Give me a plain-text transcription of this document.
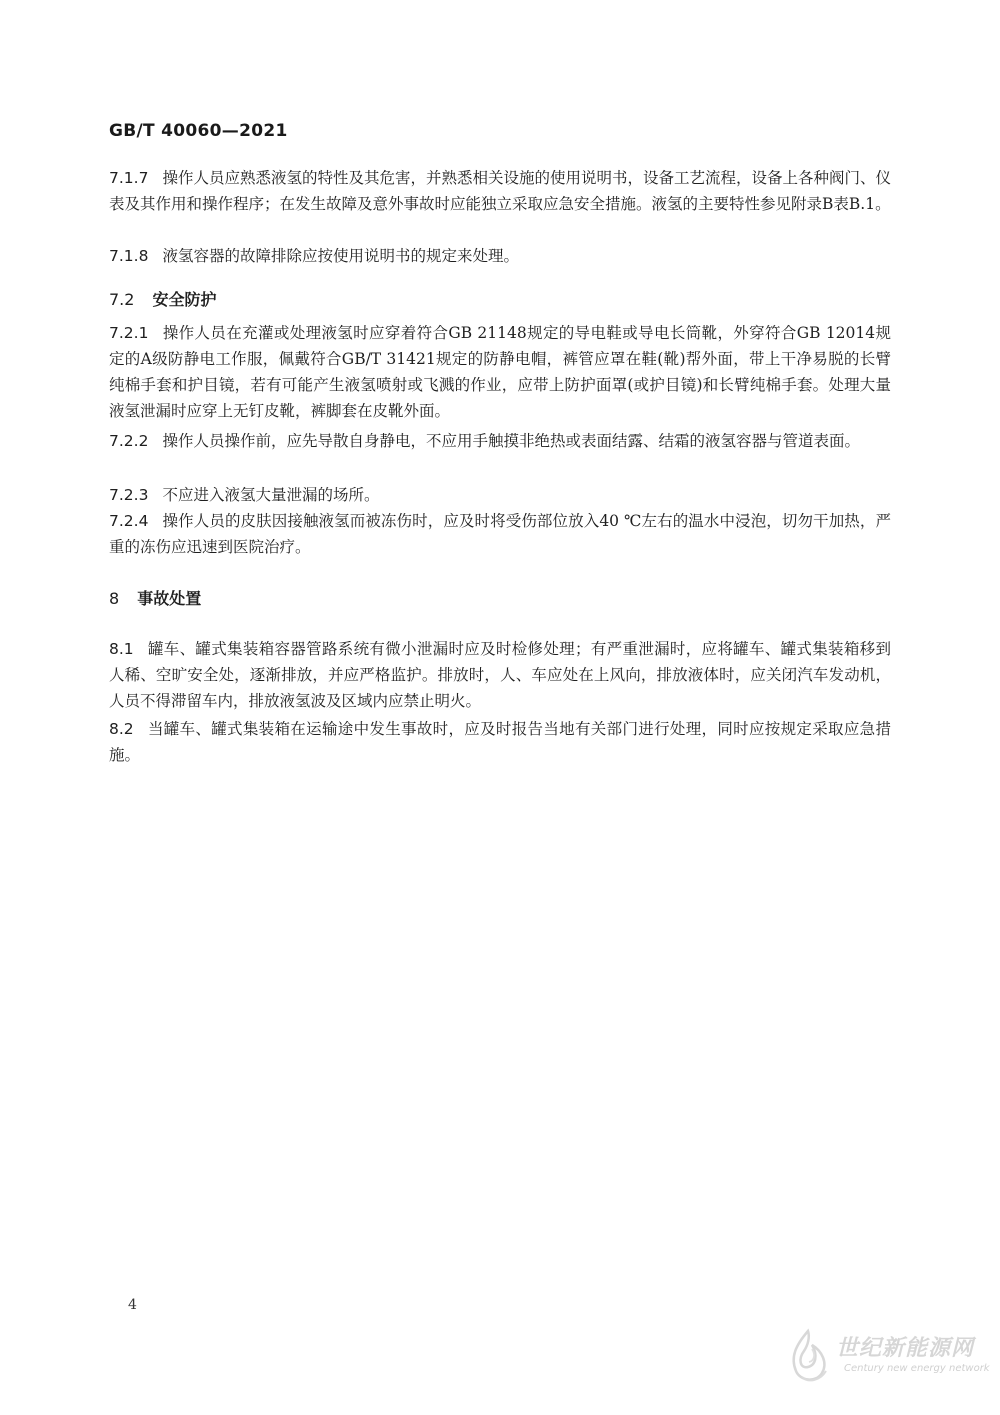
GB/T 40060—2021
7.1.7 操作人员应熟悉液氢的特性及其危害，并熟悉相关设施的使用说明书，设备工艺流程，设备上各种阀门、仪表及其作用和操作程序；在发生故障及意外事故时应能独立采取应急安全措施。液氢的主要特性参见附录B表B.1。
7.1.8 液氢容器的故障排除应按使用说明书的规定来处理。
7.2 安全防护
7.2.1 操作人员在充灌或处理液氢时应穿着符合GB 21148规定的导电鞋或导电长筒靴，外穿符合GB 12014规定的A级防静电工作服，佩戴符合GB/T 31421规定的防静电帽，裤管应罩在鞋(靴)帮外面，带上干净易脱的长臂纯棉手套和护目镜，若有可能产生液氢喷射或飞溅的作业，应带上防护面罩(或护目镜)和长臂纯棉手套。处理大量液氢泄漏时应穿上无钉皮靴，裤脚套在皮靴外面。
7.2.2 操作人员操作前，应先导散自身静电，不应用手触摸非绝热或表面结露、结霜的液氢容器与管道表面。
7.2.3 不应进入液氢大量泄漏的场所。
7.2.4 操作人员的皮肤因接触液氢而被冻伤时，应及时将受伤部位放入40 ℃左右的温水中浸泡，切勿干加热，严重的冻伤应迅速到医院治疗。
8 事故处置
8.1 罐车、罐式集装箱容器管路系统有微小泄漏时应及时检修处理；有严重泄漏时，应将罐车、罐式集装箱移到人稀、空旷安全处，逐渐排放，并应严格监护。排放时，人、车应处在上风向，排放液体时，应关闭汽车发动机，人员不得滞留车内，排放液氢波及区域内应禁止明火。
8.2 当罐车、罐式集装箱在运输途中发生事故时，应及时报告当地有关部门进行处理，同时应按规定采取应急措施。
4
世纪新能源网
Century new energy network
